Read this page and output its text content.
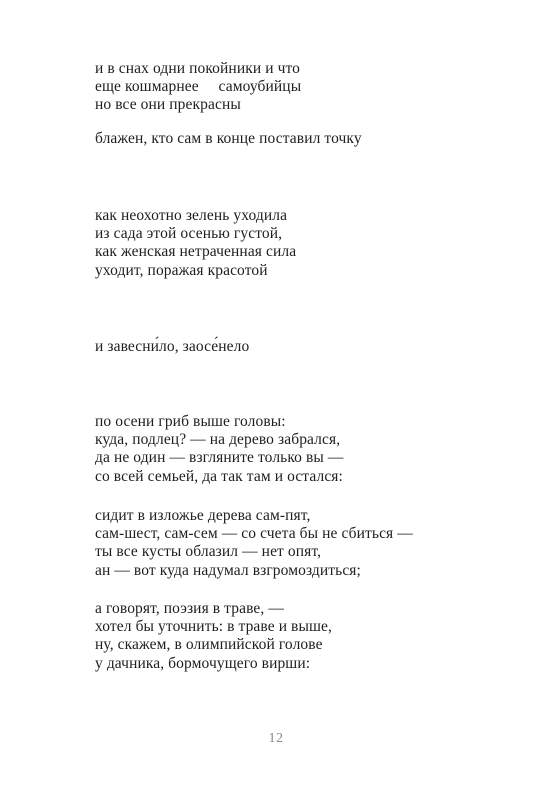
и в снах одни покойники и что
еще кошмарнее     самоубийцы
но все они прекрасны
блажен, кто сам в конце поставил точку
как неохотно зелень уходила
из сада этой осенью густой,
как женская нетраченная сила
уходит, поражая красотой
и завесни́ло, заосе́нело
по осени гриб выше головы:
куда, подлец? — на дерево забрался,
да не один — взгляните только вы —
со всей семьей, да так там и остался:
сидит в изложье дерева сам-пят,
сам-шест, сам-сем — со счета бы не сбиться —
ты все кусты облазил — нет опят,
ан — вот куда надумал взгромоздиться;
а говорят, поэзия в траве, —
хотел бы уточнить: в траве и выше,
ну, скажем, в олимпийской голове
у дачника, бормочущего вирши:
12
